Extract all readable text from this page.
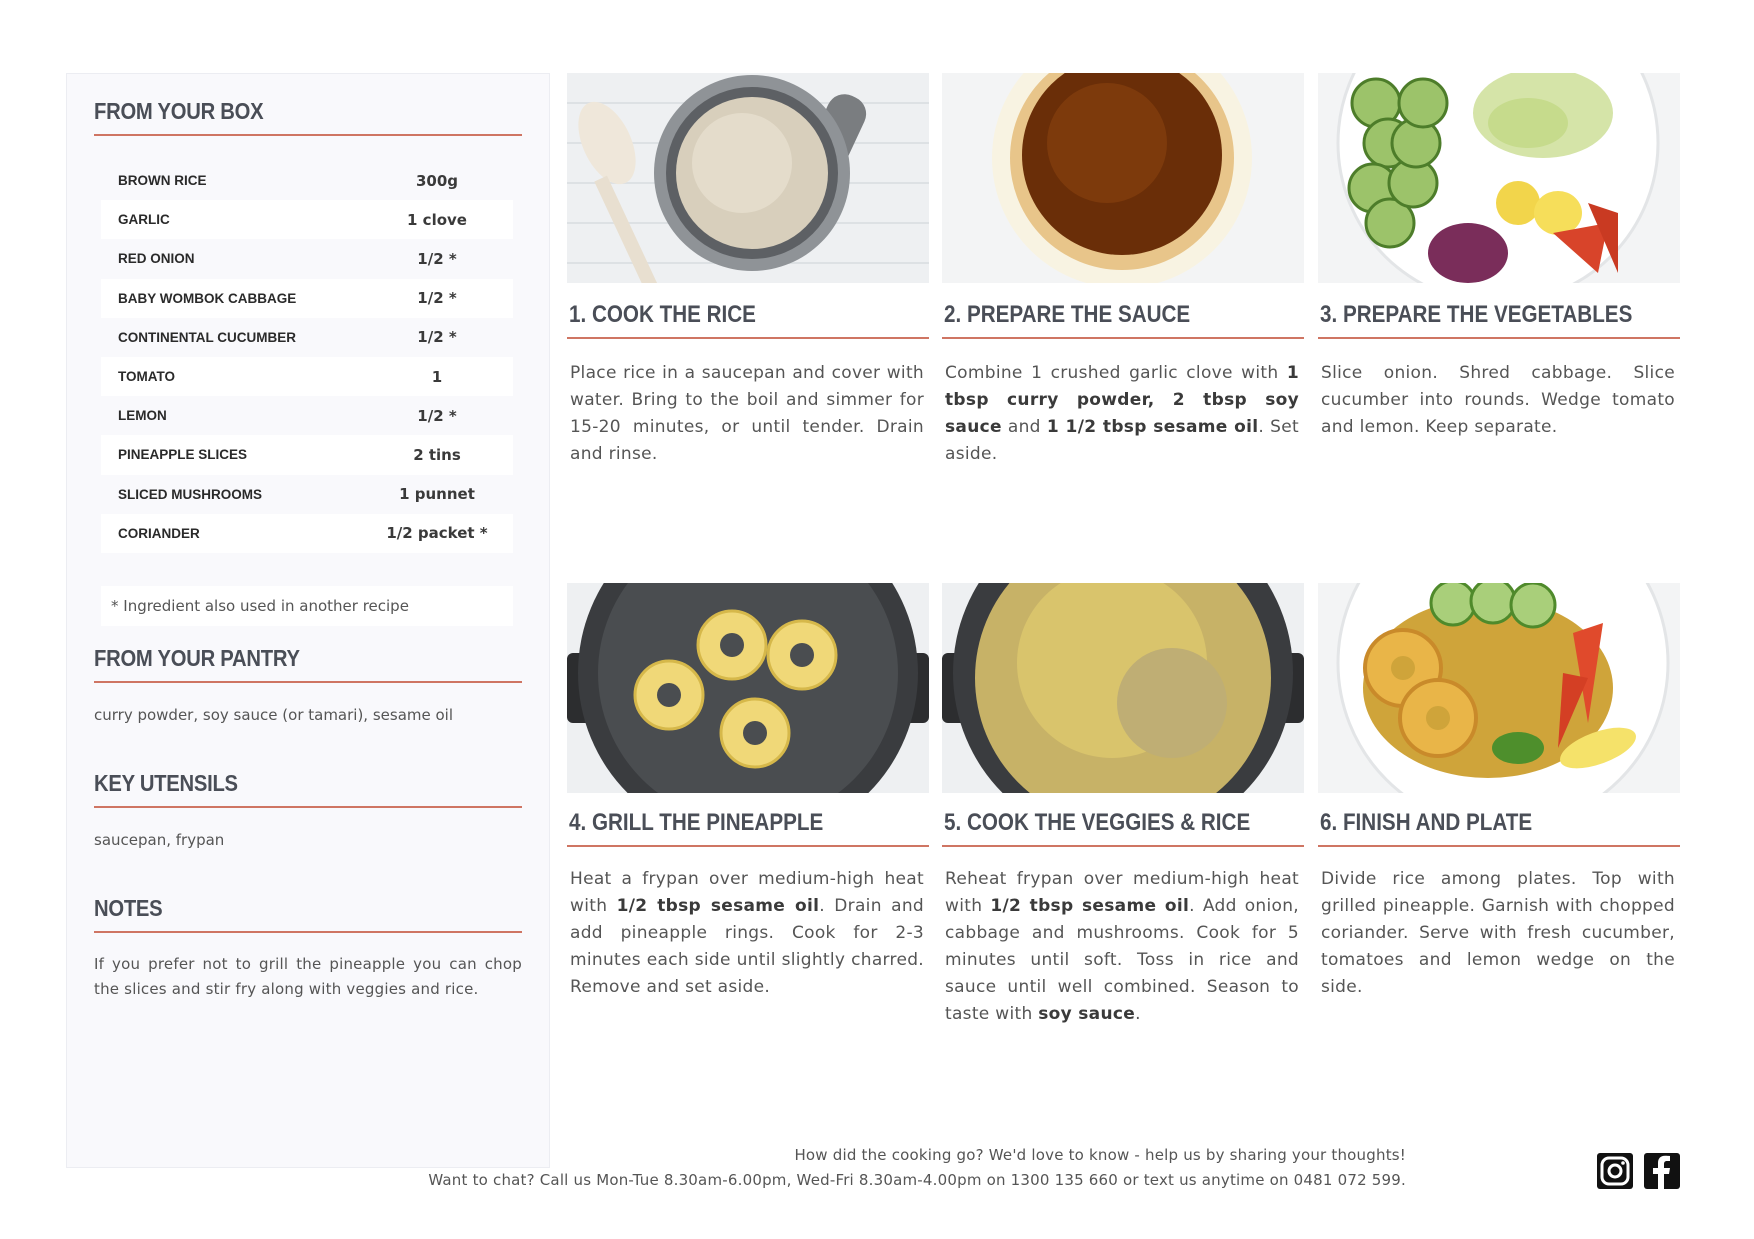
FROM YOUR BOX
BROWN RICE	300g
GARLIC	1 clove
RED ONION	1/2 *
BABY WOMBOK CABBAGE	1/2 *
CONTINENTAL CUCUMBER	1/2 *
TOMATO	1
LEMON	1/2 *
PINEAPPLE SLICES	2 tins
SLICED MUSHROOMS	1 punnet
CORIANDER	1/2 packet *
* Ingredient also used in another recipe
FROM YOUR PANTRY
curry powder, soy sauce (or tamari), sesame oil
KEY UTENSILS
saucepan, frypan
NOTES
If you prefer not to grill the pineapple you can chop the slices and stir fry along with veggies and rice.
1. COOK THE RICE
Place rice in a saucepan and cover with water. Bring to the boil and simmer for 15-20 minutes, or until tender. Drain and rinse.
2. PREPARE THE SAUCE
Combine 1 crushed garlic clove with 1 tbsp curry powder, 2 tbsp soy sauce and 1 1/2 tbsp sesame oil. Set aside.
3. PREPARE THE VEGETABLES
Slice onion. Shred cabbage. Slice cucumber into rounds. Wedge tomato and lemon. Keep separate.
4. GRILL THE PINEAPPLE
Heat a frypan over medium-high heat with 1/2 tbsp sesame oil. Drain and add pineapple rings. Cook for 2-3 minutes each side until slightly charred. Remove and set aside.
5. COOK THE VEGGIES & RICE
Reheat frypan over medium-high heat with 1/2 tbsp sesame oil. Add onion, cabbage and mushrooms. Cook for 5 minutes until soft. Toss in rice and sauce until well combined. Season to taste with soy sauce.
6. FINISH AND PLATE
Divide rice among plates. Top with grilled pineapple. Garnish with chopped coriander. Serve with fresh cucumber, tomatoes and lemon wedge on the side.
How did the cooking go? We'd love to know - help us by sharing your thoughts!
Want to chat? Call us Mon-Tue 8.30am-6.00pm, Wed-Fri 8.30am-4.00pm on 1300 135 660 or text us anytime on 0481 072 599.
